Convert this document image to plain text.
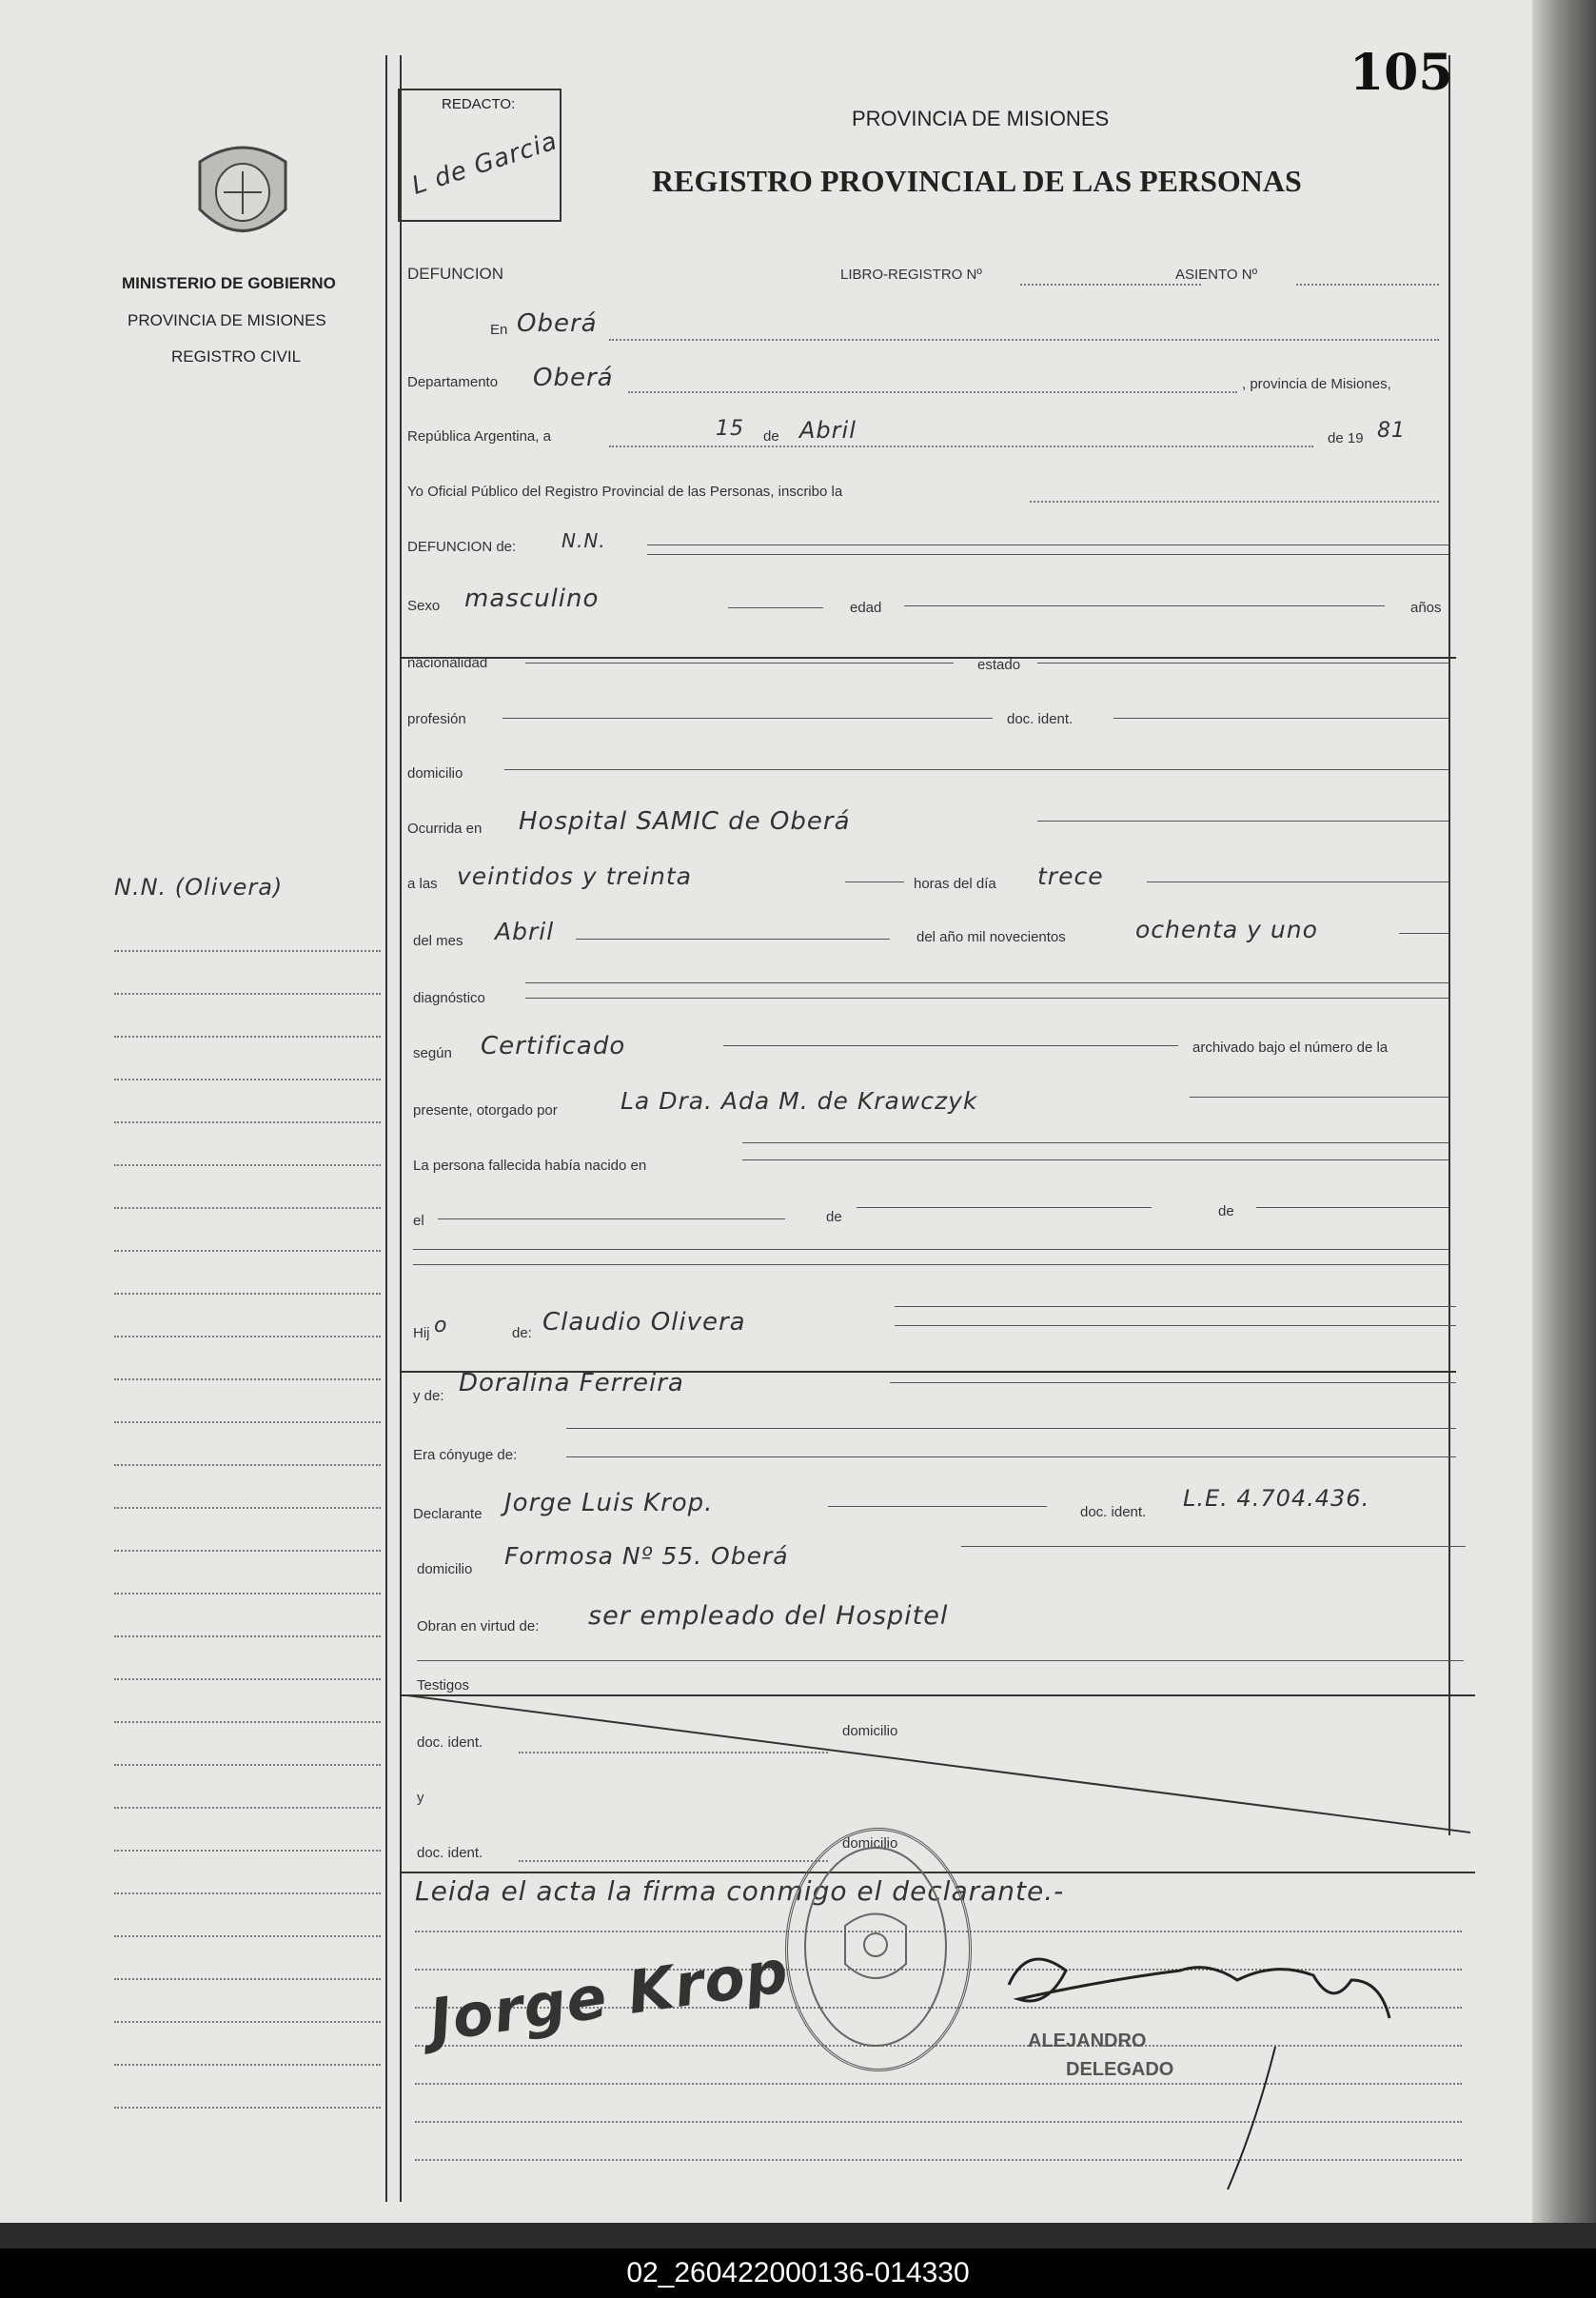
MINISTERIO DE GOBIERNO
PROVINCIA DE MISIONES
REGISTRO CIVIL
N.N. (Olivera)
105
REDACTO:
L de Garcia
PROVINCIA DE MISIONES
REGISTRO PROVINCIAL DE LAS PERSONAS
DEFUNCION	LIBRO-REGISTRO Nº	ASIENTO Nº
En Oberá
Departamento Oberá	, provincia de Misiones,
República Argentina, a	15 de Abril	de 19 81
Yo Oficial Público del Registro Provincial de las Personas, inscribo la
DEFUNCION de: N.N.
Sexo masculino	edad	años
nacionalidad	estado
profesión	doc. ident.
domicilio
Ocurrida en Hospital SAMIC de Oberá
a las veintidos y treinta	horas del día trece
del mes Abril	del año mil novecientos	ochenta y uno
diagnóstico
según Certificado	archivado bajo el número de la
presente, otorgado por	La Dra. Ada M. de Krawczyk
La persona fallecida había nacido en
el	de	de
Hij o	de: Claudio Olivera
y de: Doralina Ferreira
Era cónyuge de:
Declarante Jorge Luis Krop.	doc. ident.
L.E. 4.704.436.
domicilio Formosa Nº 55. Oberá
Obran en virtud de: ser empleado del Hospitel
Testigos
doc. ident.
domicilio
y
doc. ident.
domicilio
Leida el acta la firma conmigo el declarante.-
Jorge Krop	ALEJANDRO
DELEGADO
02_260422000136-014330
